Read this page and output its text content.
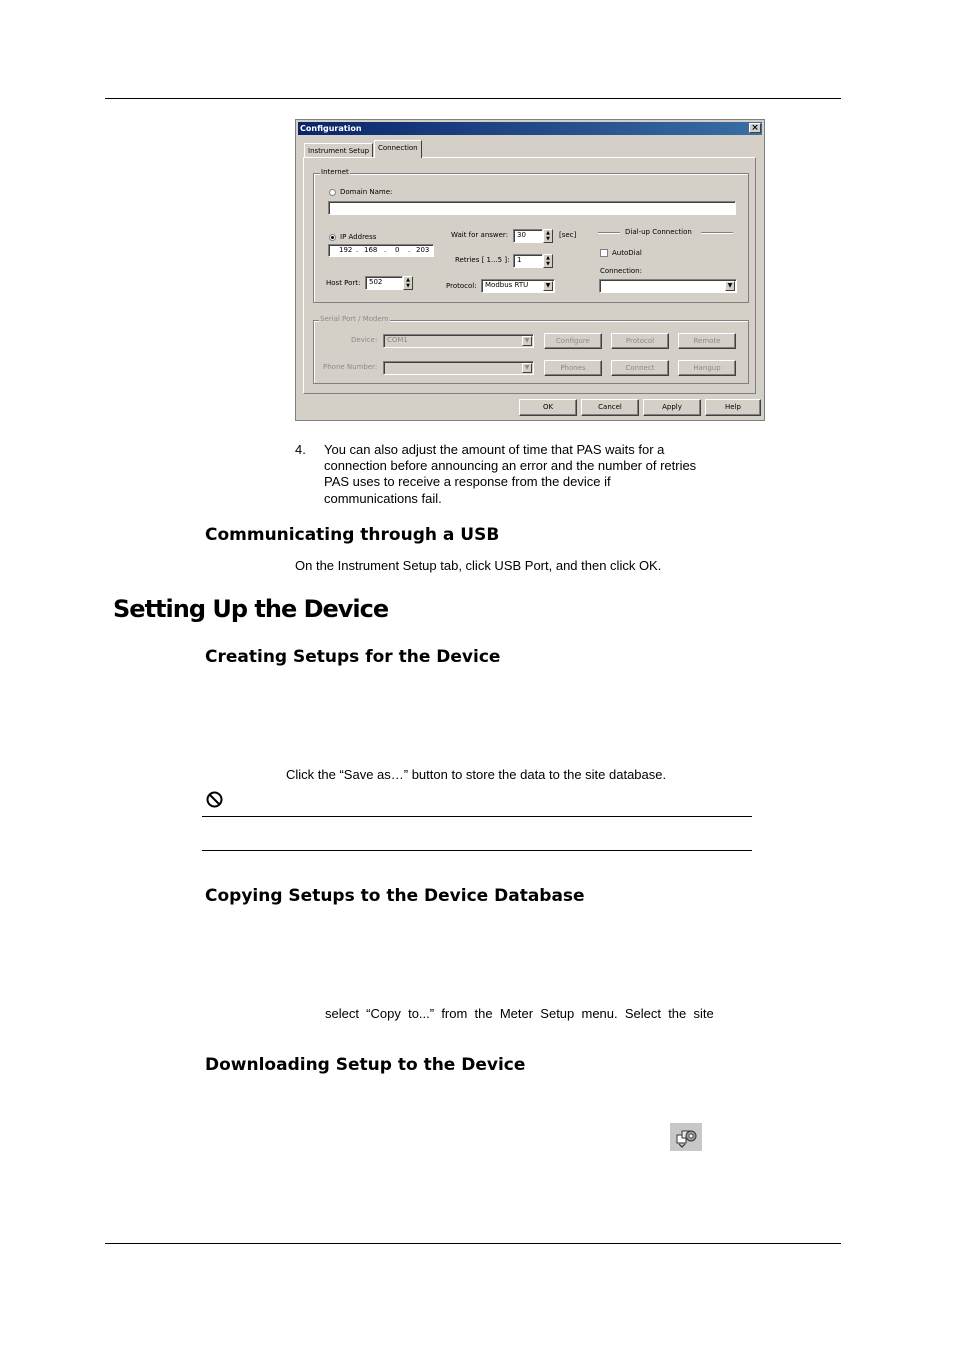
Configuration	×
Instrument Setup	Connection
Internet
Domain Name:
IP Address
192 . 168 . 0 . 203
Host Port:	502	▲
▼
Wait for answer:	30	▲
▼	[sec]
Retries [ 1...5 ]:	1	▲
▼
Protocol:	Modbus RTU	▼
Dial-up Connection
AutoDial
Connection:
▼
Serial Port / Modem
Device:	COM1	▼
Phone Number:	▼
Configure	Protocol	Remote
Phones	Connect	Hangup
OK	Cancel	Apply	Help
4. You can also adjust the amount of time that PAS waits for a
connection before announcing an error and the number of retries
PAS uses to receive a response from the device if
communications fail.
Communicating through a USB
On the Instrument Setup tab, click USB Port, and then click OK.
Setting Up the Device
Creating Setups for the Device
Click the “Save as…” button to store the data to the site database.
Copying Setups to the Device Database
select  “Copy  to...”  from  the  Meter  Setup  menu.  Select  the  site
Downloading Setup to the Device
